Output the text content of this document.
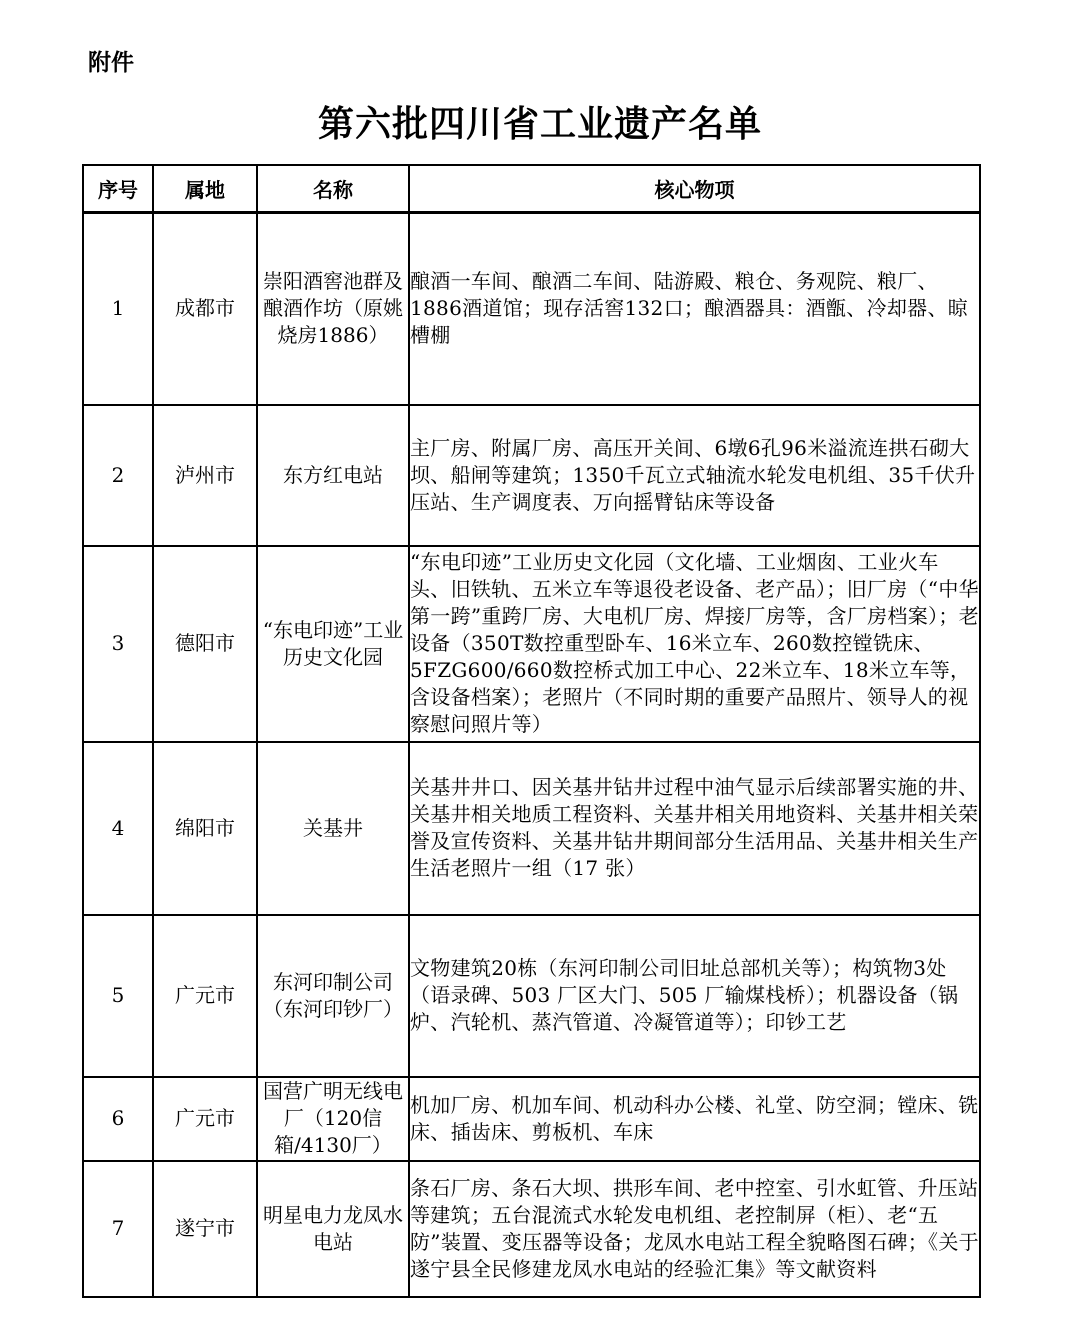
附件
第六批四川省工业遗产名单
序号	属地	名称	核心物项
1	成都市	崇阳酒窖池群及酿酒作坊（原姚烧房1886）	酿酒一车间、酿酒二车间、陆游殿、粮仓、务观院、粮厂、1886酒道馆；现存活窖132口；酿酒器具：酒甑、冷却器、晾槽棚
2	泸州市	东方红电站	主厂房、附属厂房、高压开关间、6墩6孔96米溢流连拱石砌大坝、船闸等建筑；1350千瓦立式轴流水轮发电机组、35千伏升压站、生产调度表、万向摇臂钻床等设备
3	德阳市	“东电印迹”工业历史文化园	“东电印迹”工业历史文化园（文化墙、工业烟囱、工业火车头、旧铁轨、五米立车等退役老设备、老产品）；旧厂房（“中华第一跨”重跨厂房、大电机厂房、焊接厂房等，含厂房档案）；老设备（350T数控重型卧车、16米立车、260数控镗铣床、5FZG600/660数控桥式加工中心、22米立车、18米立车等，含设备档案）；老照片（不同时期的重要产品照片、领导人的视察慰问照片等）
4	绵阳市	关基井	关基井井口、因关基井钻井过程中油气显示后续部署实施的井、关基井相关地质工程资料、关基井相关用地资料、关基井相关荣誉及宣传资料、关基井钻井期间部分生活用品、关基井相关生产生活老照片一组（17 张）
5	广元市	东河印制公司（东河印钞厂）	文物建筑20栋（东河印制公司旧址总部机关等）；构筑物3处（语录碑、503 厂区大门、505 厂输煤栈桥）；机器设备（锅炉、汽轮机、蒸汽管道、冷凝管道等）；印钞工艺
6	广元市	国营广明无线电厂（120信箱/4130厂）	机加厂房、机加车间、机动科办公楼、礼堂、防空洞；镗床、铣床、插齿床、剪板机、车床
7	遂宁市	明星电力龙凤水电站	条石厂房、条石大坝、拱形车间、老中控室、引水虹管、升压站等建筑；五台混流式水轮发电机组、老控制屏（柜）、老“五防”装置、变压器等设备；龙凤水电站工程全貌略图石碑；《关于遂宁县全民修建龙凤水电站的经验汇集》等文献资料
